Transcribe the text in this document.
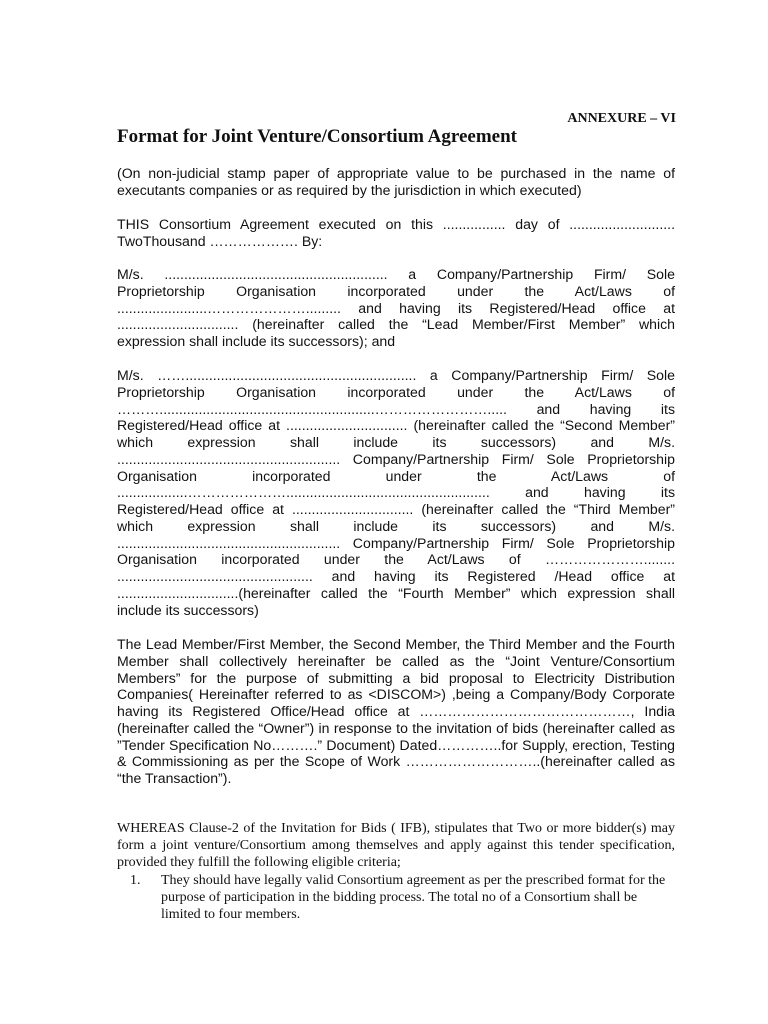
ANNEXURE – VI
Format for Joint Venture/Consortium Agreement
(On non-judicial stamp paper of appropriate value to be purchased in the name of executants companies or as required by the jurisdiction in which executed)
THIS Consortium Agreement executed on this ................ day of ........................... TwoThousand ………………. By:
M/s. ......................................................... a Company/Partnership Firm/ Sole Proprietorship Organisation incorporated under the Act/Laws of .......................…………………......... and having its Registered/Head office at ............................... (hereinafter called the “Lead Member/First Member” which expression shall include its successors); and
M/s. ……........................................................... a Company/Partnership Firm/ Sole Proprietorship Organisation incorporated under the Act/Laws of ……….......................................................……………………..... and having its Registered/Head office at ............................... (hereinafter called the “Second Member” which expression shall include its successors) and M/s. ......................................................... Company/Partnership Firm/ Sole Proprietorship Organisation incorporated under the Act/Laws of ..................………………….................................................... and having its Registered/Head office at ............................... (hereinafter called the “Third Member” which expression shall include its successors) and M/s. ......................................................... Company/Partnership Firm/ Sole Proprietorship Organisation incorporated under the Act/Laws of …………………........ .................................................. and having its Registered /Head office at ...............................(hereinafter called the “Fourth Member” which expression shall include its successors)
The Lead Member/First Member, the Second Member, the Third Member and the Fourth Member shall collectively hereinafter be called as the “Joint Venture/Consortium Members” for the purpose of submitting a bid proposal to Electricity Distribution Companies( Hereinafter referred to as <DISCOM>) ,being a Company/Body Corporate having its Registered Office/Head office at ………………………………………, India (hereinafter called the “Owner”) in response to the invitation of bids (hereinafter called as ”Tender Specification No……….” Document) Dated…………..for Supply, erection, Testing & Commissioning as per the Scope of Work ………………………..(hereinafter called as “the Transaction”).
WHEREAS Clause-2 of the Invitation for Bids ( IFB), stipulates that Two or more bidder(s) may form a joint venture/Consortium among themselves and apply against this tender specification, provided they fulfill the following eligible criteria;
1.	They should have legally valid Consortium agreement as per the prescribed format for the purpose of participation in the bidding process. The total no of a Consortium shall be limited to four members.
